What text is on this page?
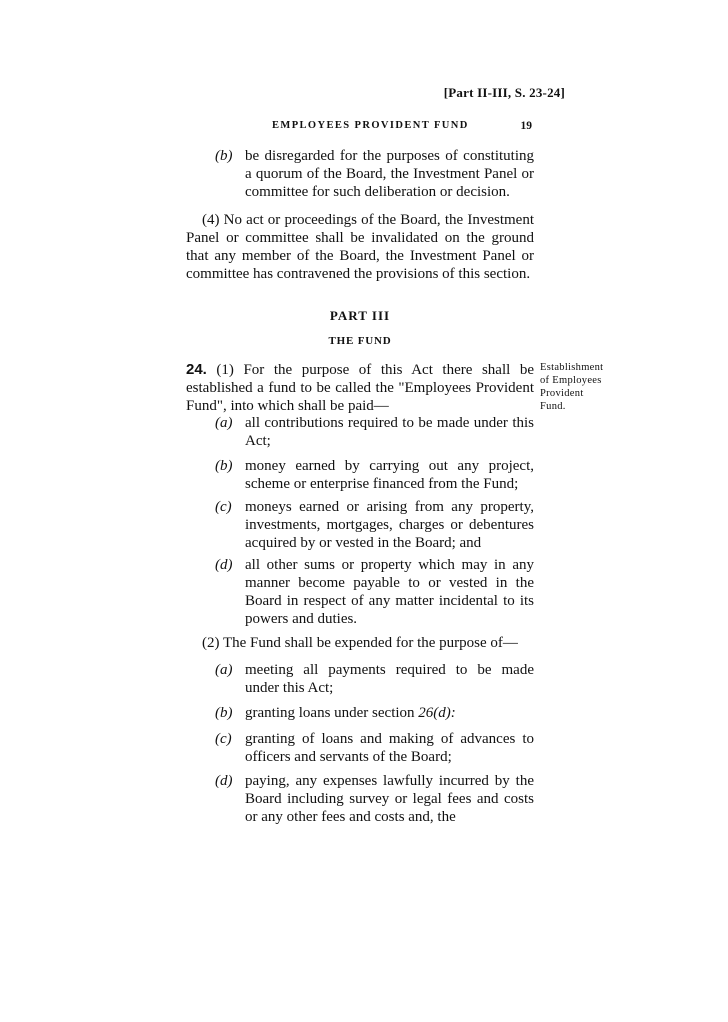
[Part II-III, S. 23-24]
EMPLOYEES PROVIDENT FUND	19
(b) be disregarded for the purposes of constituting a quorum of the Board, the Investment Panel or committee for such deliberation or decision.
(4) No act or proceedings of the Board, the Investment Panel or committee shall be invalidated on the ground that any member of the Board, the Investment Panel or committee has contravened the provisions of this section.
PART III
THE FUND
24. (1) For the purpose of this Act there shall be established a fund to be called the "Employees Provident Fund", into which shall be paid—
Establishment
of Employees
Provident
Fund.
(a) all contributions required to be made under this Act;
(b) money earned by carrying out any project, scheme or enterprise financed from the Fund;
(c) moneys earned or arising from any property, investments, mortgages, charges or debentures acquired by or vested in the Board; and
(d) all other sums or property which may in any manner become payable to or vested in the Board in respect of any matter incidental to its powers and duties.
(2) The Fund shall be expended for the purpose of—
(a) meeting all payments required to be made under this Act;
(b) granting loans under section 26(d):
(c) granting of loans and making of advances to officers and servants of the Board;
(d) paying, any expenses lawfully incurred by the Board including survey or legal fees and costs or any other fees and costs and, the
